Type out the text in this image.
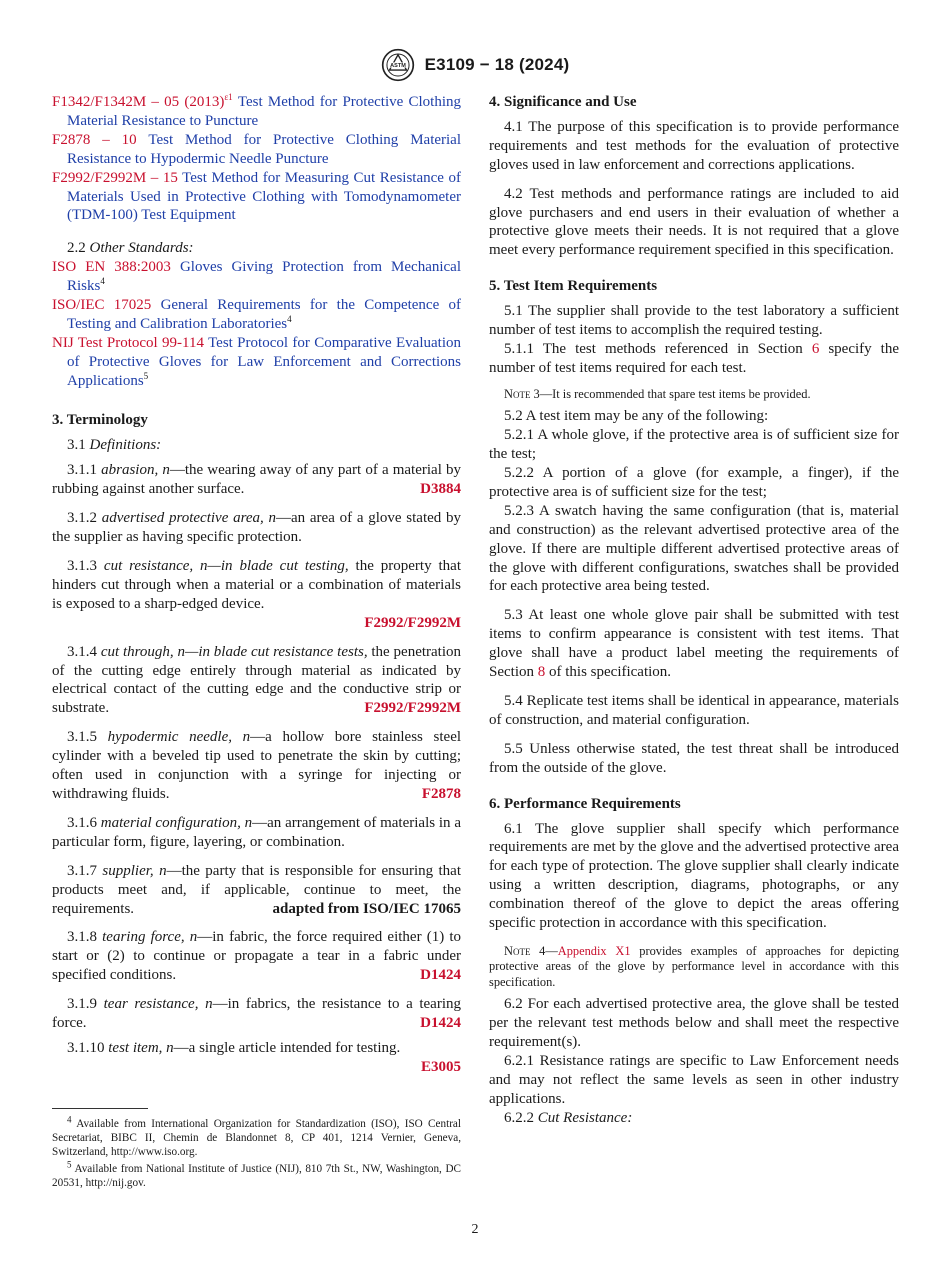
ASTM E3109 − 18 (2024)

F1342/F1342M – 05 $(2013)^{\varepsilon 1}$ Test Method for Protective Clothing Material Resistance to Puncture

F2878 – 10 Test Method for Protective Clothing Material Resistance to Hypodermic Needle Puncture

F2992/F2992M – 15 Test Method for Measuring Cut Resistance of Materials Used in Protective Clothing with Tomodynamometer (TDM-100) Test Equipment

2.2 Other Standards:

ISO EN 388:2003 Gloves Giving Protection from Mechanical Risks$^4$

ISO/IEC 17025 General Requirements for the Competence of Testing and Calibration Laboratories$^4$

NIJ Test Protocol 99-114 Test Protocol for Comparative Evaluation of Protective Gloves for Law Enforcement and Corrections Applications$^5$

3. Terminology

3.1 Definitions:

3.1.1 abrasion, n—the wearing away of any part of a material by rubbing against another surface.	D3884

3.1.2 advertised protective area, n—an area of a glove stated by the supplier as having specific protection.

3.1.3 cut resistance, n—in blade cut testing, the property that hinders cut through when a material or a combination of materials is exposed to a sharp-edged device.
F2992/F2992M

3.1.4 cut through, n—in blade cut resistance tests, the penetration of the cutting edge entirely through material as indicated by electrical contact of the cutting edge and the conductive strip or substrate.	F2992/F2992M

3.1.5 hypodermic needle, n—a hollow bore stainless steel cylinder with a beveled tip used to penetrate the skin by cutting; often used in conjunction with a syringe for injecting or withdrawing fluids.	F2878

3.1.6 material configuration, n—an arrangement of materials in a particular form, figure, layering, or combination.

3.1.7 supplier, n—the party that is responsible for ensuring that products meet and, if applicable, continue to meet, the requirements.	adapted from ISO/IEC 17065

3.1.8 tearing force, n—in fabric, the force required either (1) to start or (2) to continue or propagate a tear in a fabric under specified conditions.	D1424

3.1.9 tear resistance, n—in fabrics, the resistance to a tearing force.	D1424

3.1.10 test item, n—a single article intended for testing.
E3005

$^4$ Available from International Organization for Standardization (ISO), ISO Central Secretariat, BIBC II, Chemin de Blandonnet 8, CP 401, 1214 Vernier, Geneva, Switzerland, http://www.iso.org.

$^5$ Available from National Institute of Justice (NIJ), 810 7th St., NW, Washington, DC 20531, http://nij.gov.

4. Significance and Use

4.1 The purpose of this specification is to provide performance requirements and test methods for the evaluation of protective gloves used in law enforcement and corrections applications.

4.2 Test methods and performance ratings are included to aid glove purchasers and end users in their evaluation of whether a protective glove meets their needs. It is not required that a glove meet every performance requirement specified in this specification.

5. Test Item Requirements

5.1 The supplier shall provide to the test laboratory a sufficient number of test items to accomplish the required testing.

5.1.1 The test methods referenced in Section 6 specify the number of test items required for each test.

Note 3—It is recommended that spare test items be provided.

5.2 A test item may be any of the following:

5.2.1 A whole glove, if the protective area is of sufficient size for the test;

5.2.2 A portion of a glove (for example, a finger), if the protective area is of sufficient size for the test;

5.2.3 A swatch having the same configuration (that is, material and construction) as the relevant advertised protective area of the glove. If there are multiple different advertised protective areas of the glove with different configurations, swatches shall be provided for each protective area being tested.

5.3 At least one whole glove pair shall be submitted with test items to confirm appearance is consistent with test items. That glove shall have a product label meeting the requirements of Section 8 of this specification.

5.4 Replicate test items shall be identical in appearance, materials of construction, and material configuration.

5.5 Unless otherwise stated, the test threat shall be introduced from the outside of the glove.

6. Performance Requirements

6.1 The glove supplier shall specify which performance requirements are met by the glove and the advertised protective area for each type of protection. The glove supplier shall clearly indicate using a written description, diagrams, photographs, or any combination thereof of the glove to depict the areas offering specific protection in accordance with this specification.

Note 4—Appendix X1 provides examples of approaches for depicting protective areas of the glove by performance level in accordance with this specification.

6.2 For each advertised protective area, the glove shall be tested per the relevant test methods below and shall meet the respective requirement(s).

6.2.1 Resistance ratings are specific to Law Enforcement needs and may not reflect the same levels as seen in other industry applications.

6.2.2 Cut Resistance:

2
